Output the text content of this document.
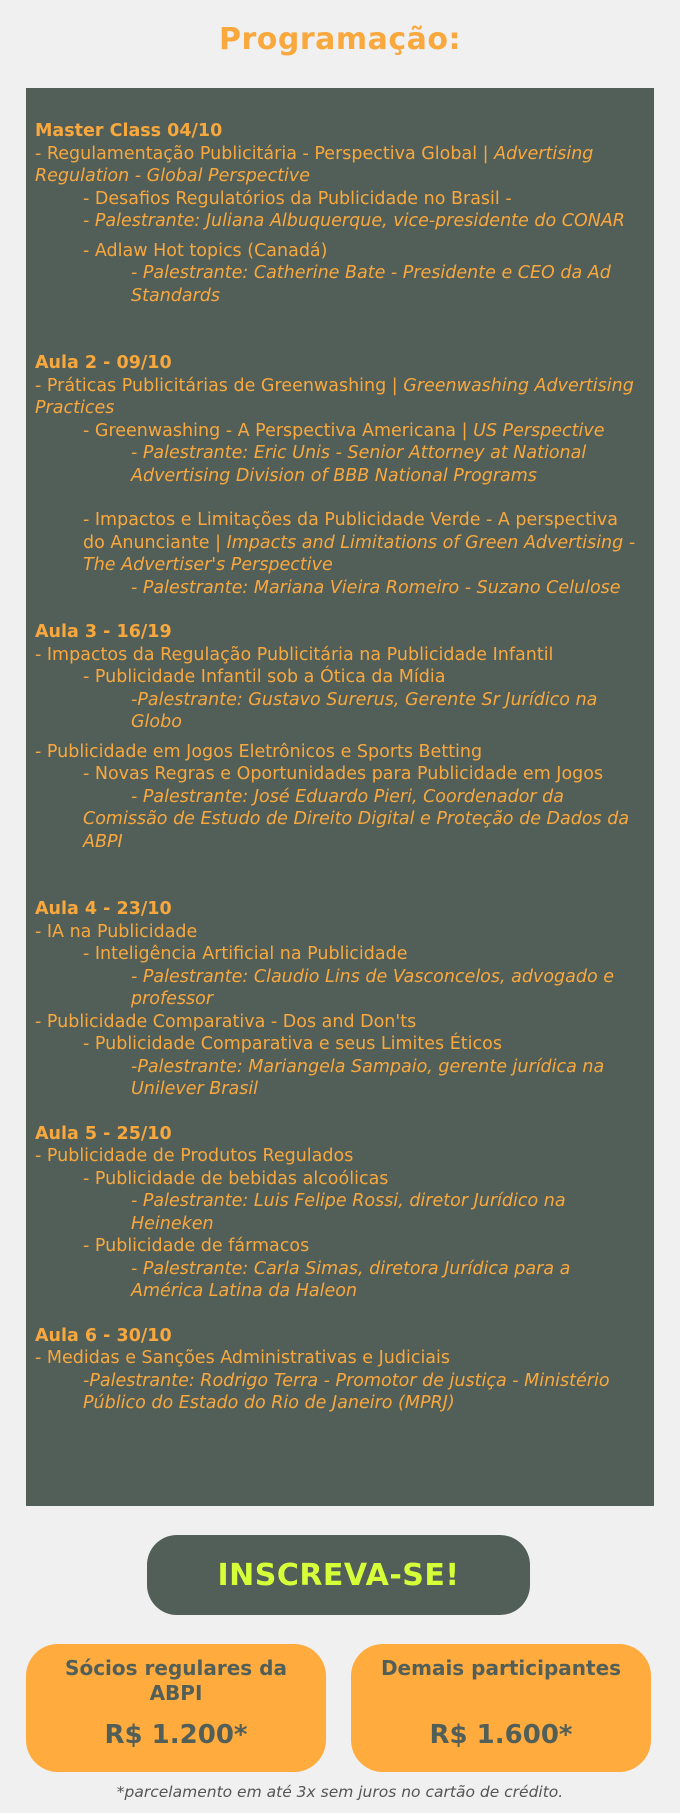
Programação:
Master Class 04/10
- Regulamentação Publicitária - Perspectiva Global | Advertising Regulation - Global Perspective
- Desafios Regulatórios da Publicidade no Brasil -
- Palestrante: Juliana Albuquerque, vice-presidente do CONAR
- Adlaw Hot topics (Canadá)
- Palestrante: Catherine Bate - Presidente e CEO da Ad Standards
Aula 2 - 09/10
- Práticas Publicitárias de Greenwashing | Greenwashing Advertising Practices
- Greenwashing - A Perspectiva Americana | US Perspective
- Palestrante: Eric Unis - Senior Attorney at National Advertising Division of BBB National Programs
- Impactos e Limitações da Publicidade Verde - A perspectiva do Anunciante | Impacts and Limitations of Green Advertising - The Advertiser's Perspective
- Palestrante: Mariana Vieira Romeiro - Suzano Celulose
Aula 3 - 16/19
- Impactos da Regulação Publicitária na Publicidade Infantil
- Publicidade Infantil sob a Ótica da Mídia
-Palestrante: Gustavo Surerus, Gerente Sr Jurídico na Globo
- Publicidade em Jogos Eletrônicos e Sports Betting
- Novas Regras e Oportunidades para Publicidade em Jogos
- Palestrante: José Eduardo Pieri, Coordenador da Comissão de Estudo de Direito Digital e Proteção de Dados da ABPI
Aula 4 - 23/10
- IA na Publicidade
- Inteligência Artificial na Publicidade
- Palestrante: Claudio Lins de Vasconcelos, advogado e professor
- Publicidade Comparativa - Dos and Don'ts
- Publicidade Comparativa e seus Limites Éticos
-Palestrante: Mariangela Sampaio, gerente jurídica na Unilever Brasil
Aula 5 - 25/10
- Publicidade de Produtos Regulados
- Publicidade de bebidas alcoólicas
- Palestrante: Luis Felipe Rossi, diretor Jurídico na Heineken
- Publicidade de fármacos
- Palestrante: Carla Simas, diretora Jurídica para a América Latina da Haleon
Aula 6 - 30/10
- Medidas e Sanções Administrativas e Judiciais
-Palestrante: Rodrigo Terra - Promotor de justiça - Ministério Público do Estado do Rio de Janeiro (MPRJ)
INSCREVA-SE!
Sócios regulares da ABPI
R$ 1.200*
Demais participantes
R$ 1.600*

*parcelamento em até 3x sem juros no cartão de crédito.
